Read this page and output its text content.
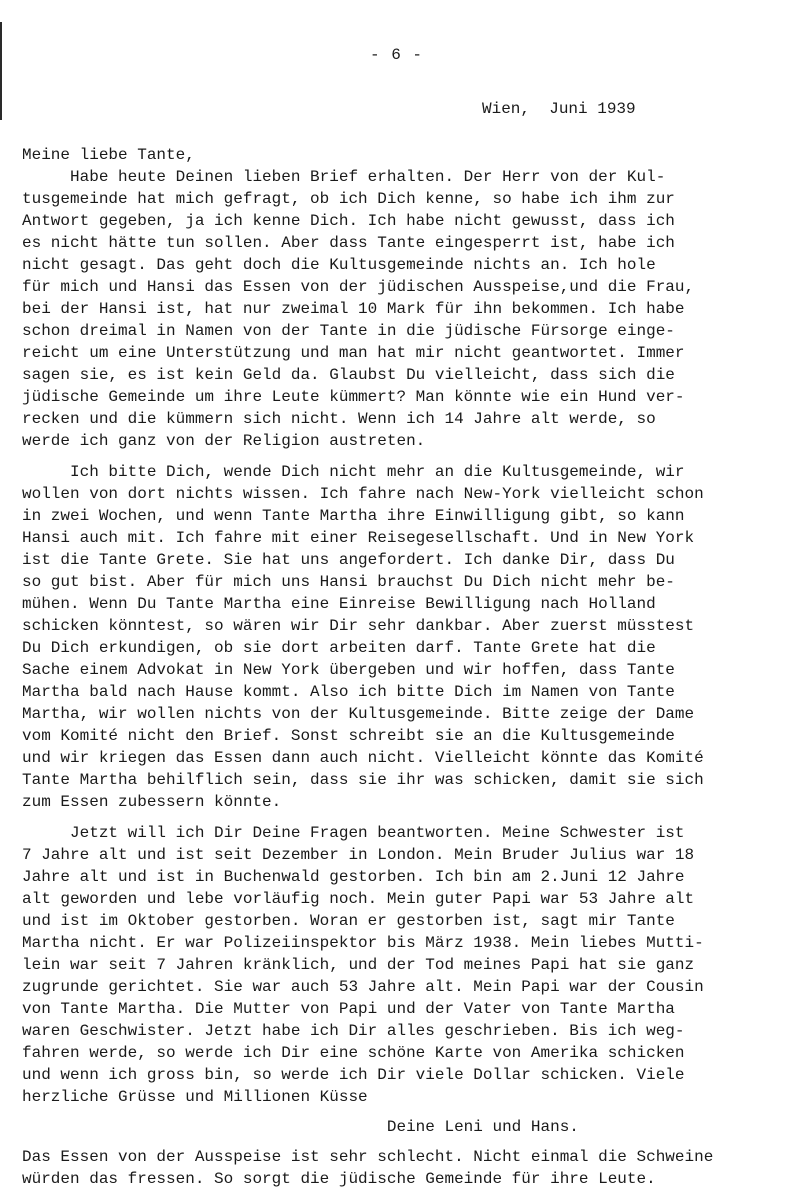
- 6 -
Wien,  Juni 1939
Meine liebe Tante,
Habe heute Deinen lieben Brief erhalten. Der Herr von der Kul-
tusgemeinde hat mich gefragt, ob ich Dich kenne, so habe ich ihm zur
Antwort gegeben, ja ich kenne Dich. Ich habe nicht gewusst, dass ich
es nicht hätte tun sollen. Aber dass Tante eingesperrt ist, habe ich
nicht gesagt. Das geht doch die Kultusgemeinde nichts an. Ich hole
für mich und Hansi das Essen von der jüdischen Ausspeise,und die Frau,
bei der Hansi ist, hat nur zweimal 10 Mark für ihn bekommen. Ich habe
schon dreimal in Namen von der Tante in die jüdische Fürsorge einge-
reicht um eine Unterstützung und man hat mir nicht geantwortet. Immer
sagen sie, es ist kein Geld da. Glaubst Du vielleicht, dass sich die
jüdische Gemeinde um ihre Leute kümmert? Man könnte wie ein Hund ver-
recken und die kümmern sich nicht. Wenn ich 14 Jahre alt werde, so
werde ich ganz von der Religion austreten.
Ich bitte Dich, wende Dich nicht mehr an die Kultusgemeinde, wir
wollen von dort nichts wissen. Ich fahre nach New-York vielleicht schon
in zwei Wochen, und wenn Tante Martha ihre Einwilligung gibt, so kann
Hansi auch mit. Ich fahre mit einer Reisegesellschaft. Und in New York
ist die Tante Grete. Sie hat uns angefordert. Ich danke Dir, dass Du
so gut bist. Aber für mich uns Hansi brauchst Du Dich nicht mehr be-
mühen. Wenn Du Tante Martha eine Einreise Bewilligung nach Holland
schicken könntest, so wären wir Dir sehr dankbar. Aber zuerst müsstest
Du Dich erkundigen, ob sie dort arbeiten darf. Tante Grete hat die
Sache einem Advokat in New York übergeben und wir hoffen, dass Tante
Martha bald nach Hause kommt. Also ich bitte Dich im Namen von Tante
Martha, wir wollen nichts von der Kultusgemeinde. Bitte zeige der Dame
vom Komité nicht den Brief. Sonst schreibt sie an die Kultusgemeinde
und wir kriegen das Essen dann auch nicht. Vielleicht könnte das Komité
Tante Martha behilflich sein, dass sie ihr was schicken, damit sie sich
zum Essen zubessern könnte.
Jetzt will ich Dir Deine Fragen beantworten. Meine Schwester ist
7 Jahre alt und ist seit Dezember in London. Mein Bruder Julius war 18
Jahre alt und ist in Buchenwald gestorben. Ich bin am 2.Juni 12 Jahre
alt geworden und lebe vorläufig noch. Mein guter Papi war 53 Jahre alt
und ist im Oktober gestorben. Woran er gestorben ist, sagt mir Tante
Martha nicht. Er war Polizeiinspektor bis März 1938. Mein liebes Mutti-
lein war seit 7 Jahren kränklich, und der Tod meines Papi hat sie ganz
zugrunde gerichtet. Sie war auch 53 Jahre alt. Mein Papi war der Cousin
von Tante Martha. Die Mutter von Papi und der Vater von Tante Martha
waren Geschwister. Jetzt habe ich Dir alles geschrieben. Bis ich weg-
fahren werde, so werde ich Dir eine schöne Karte von Amerika schicken
und wenn ich gross bin, so werde ich Dir viele Dollar schicken. Viele
herzliche Grüsse und Millionen Küsse
Deine Leni und Hans.
Das Essen von der Ausspeise ist sehr schlecht. Nicht einmal die Schweine
würden das fressen. So sorgt die jüdische Gemeinde für ihre Leute.
